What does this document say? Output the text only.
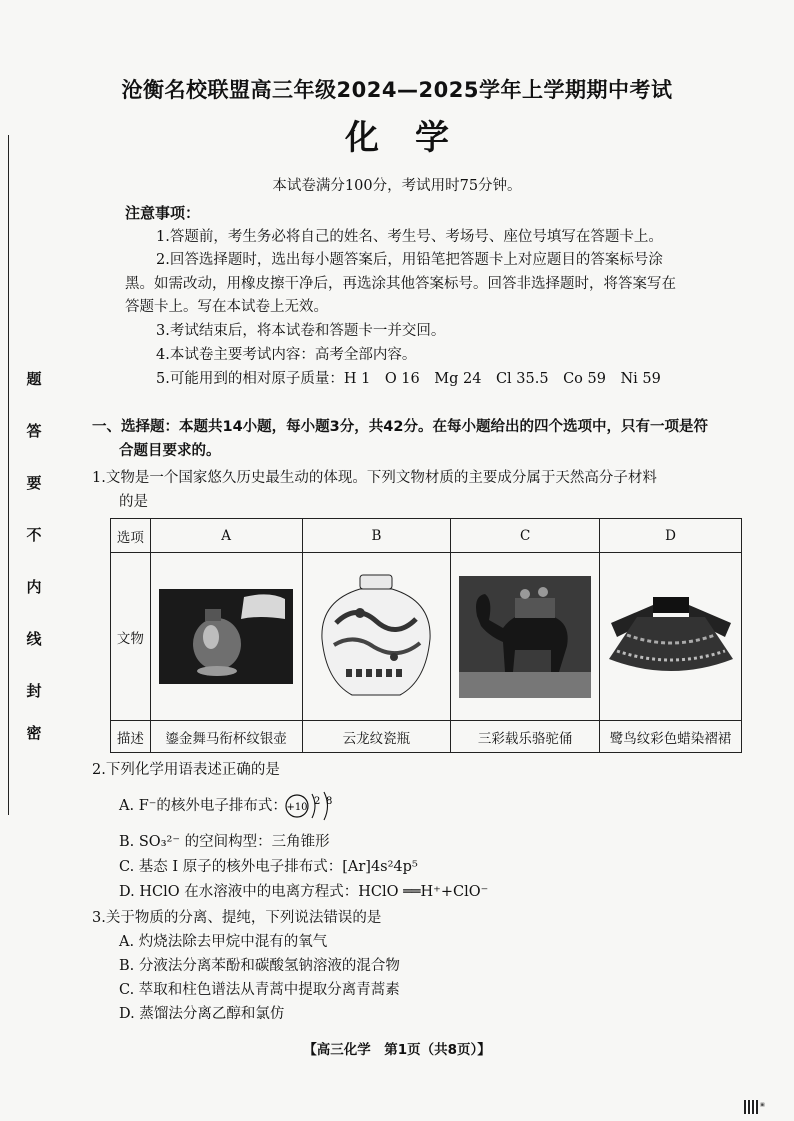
题
答
要
不
内
线
封
密
沧衡名校联盟高三年级2024—2025学年上学期期中考试
化学
本试卷满分100分，考试用时75分钟。
注意事项：
1.答题前，考生务必将自己的姓名、考生号、考场号、座位号填写在答题卡上。
2.回答选择题时，选出每小题答案后，用铅笔把答题卡上对应题目的答案标号涂
黑。如需改动，用橡皮擦干净后，再选涂其他答案标号。回答非选择题时，将答案写在
答题卡上。写在本试卷上无效。
3.考试结束后，将本试卷和答题卡一并交回。
4.本试卷主要考试内容：高考全部内容。
5.可能用到的相对原子质量：H 1　O 16　Mg 24　Cl 35.5　Co 59　Ni 59
一、选择题：本题共14小题，每小题3分，共42分。在每小题给出的四个选项中，只有一项是符
合题目要求的。
1.文物是一个国家悠久历史最生动的体现。下列文物材质的主要成分属于天然高分子材料
的是
选项	A	B	C	D
文物	

描述	鎏金舞马衔杯纹银壶	云龙纹瓷瓶	三彩载乐骆驼俑	鹭鸟纹彩色蜡染褶裙
2.下列化学用语表述正确的是
A. F⁻的核外电子排布式： +10
2 8
B. SO₃²⁻ 的空间构型：三角锥形
C. 基态 I 原子的核外电子排布式：[Ar]4s²4p⁵
D. HClO 在水溶液中的电离方程式：HClO ══H⁺+ClO⁻
3.关于物质的分离、提纯，下列说法错误的是
A. 灼烧法除去甲烷中混有的氧气
B. 分液法分离苯酚和碳酸氢钠溶液的混合物
C. 萃取和柱色谱法从青蒿中提取分离青蒿素
D. 蒸馏法分离乙醇和氯仿
【高三化学　第1页（共8页）】
▣
